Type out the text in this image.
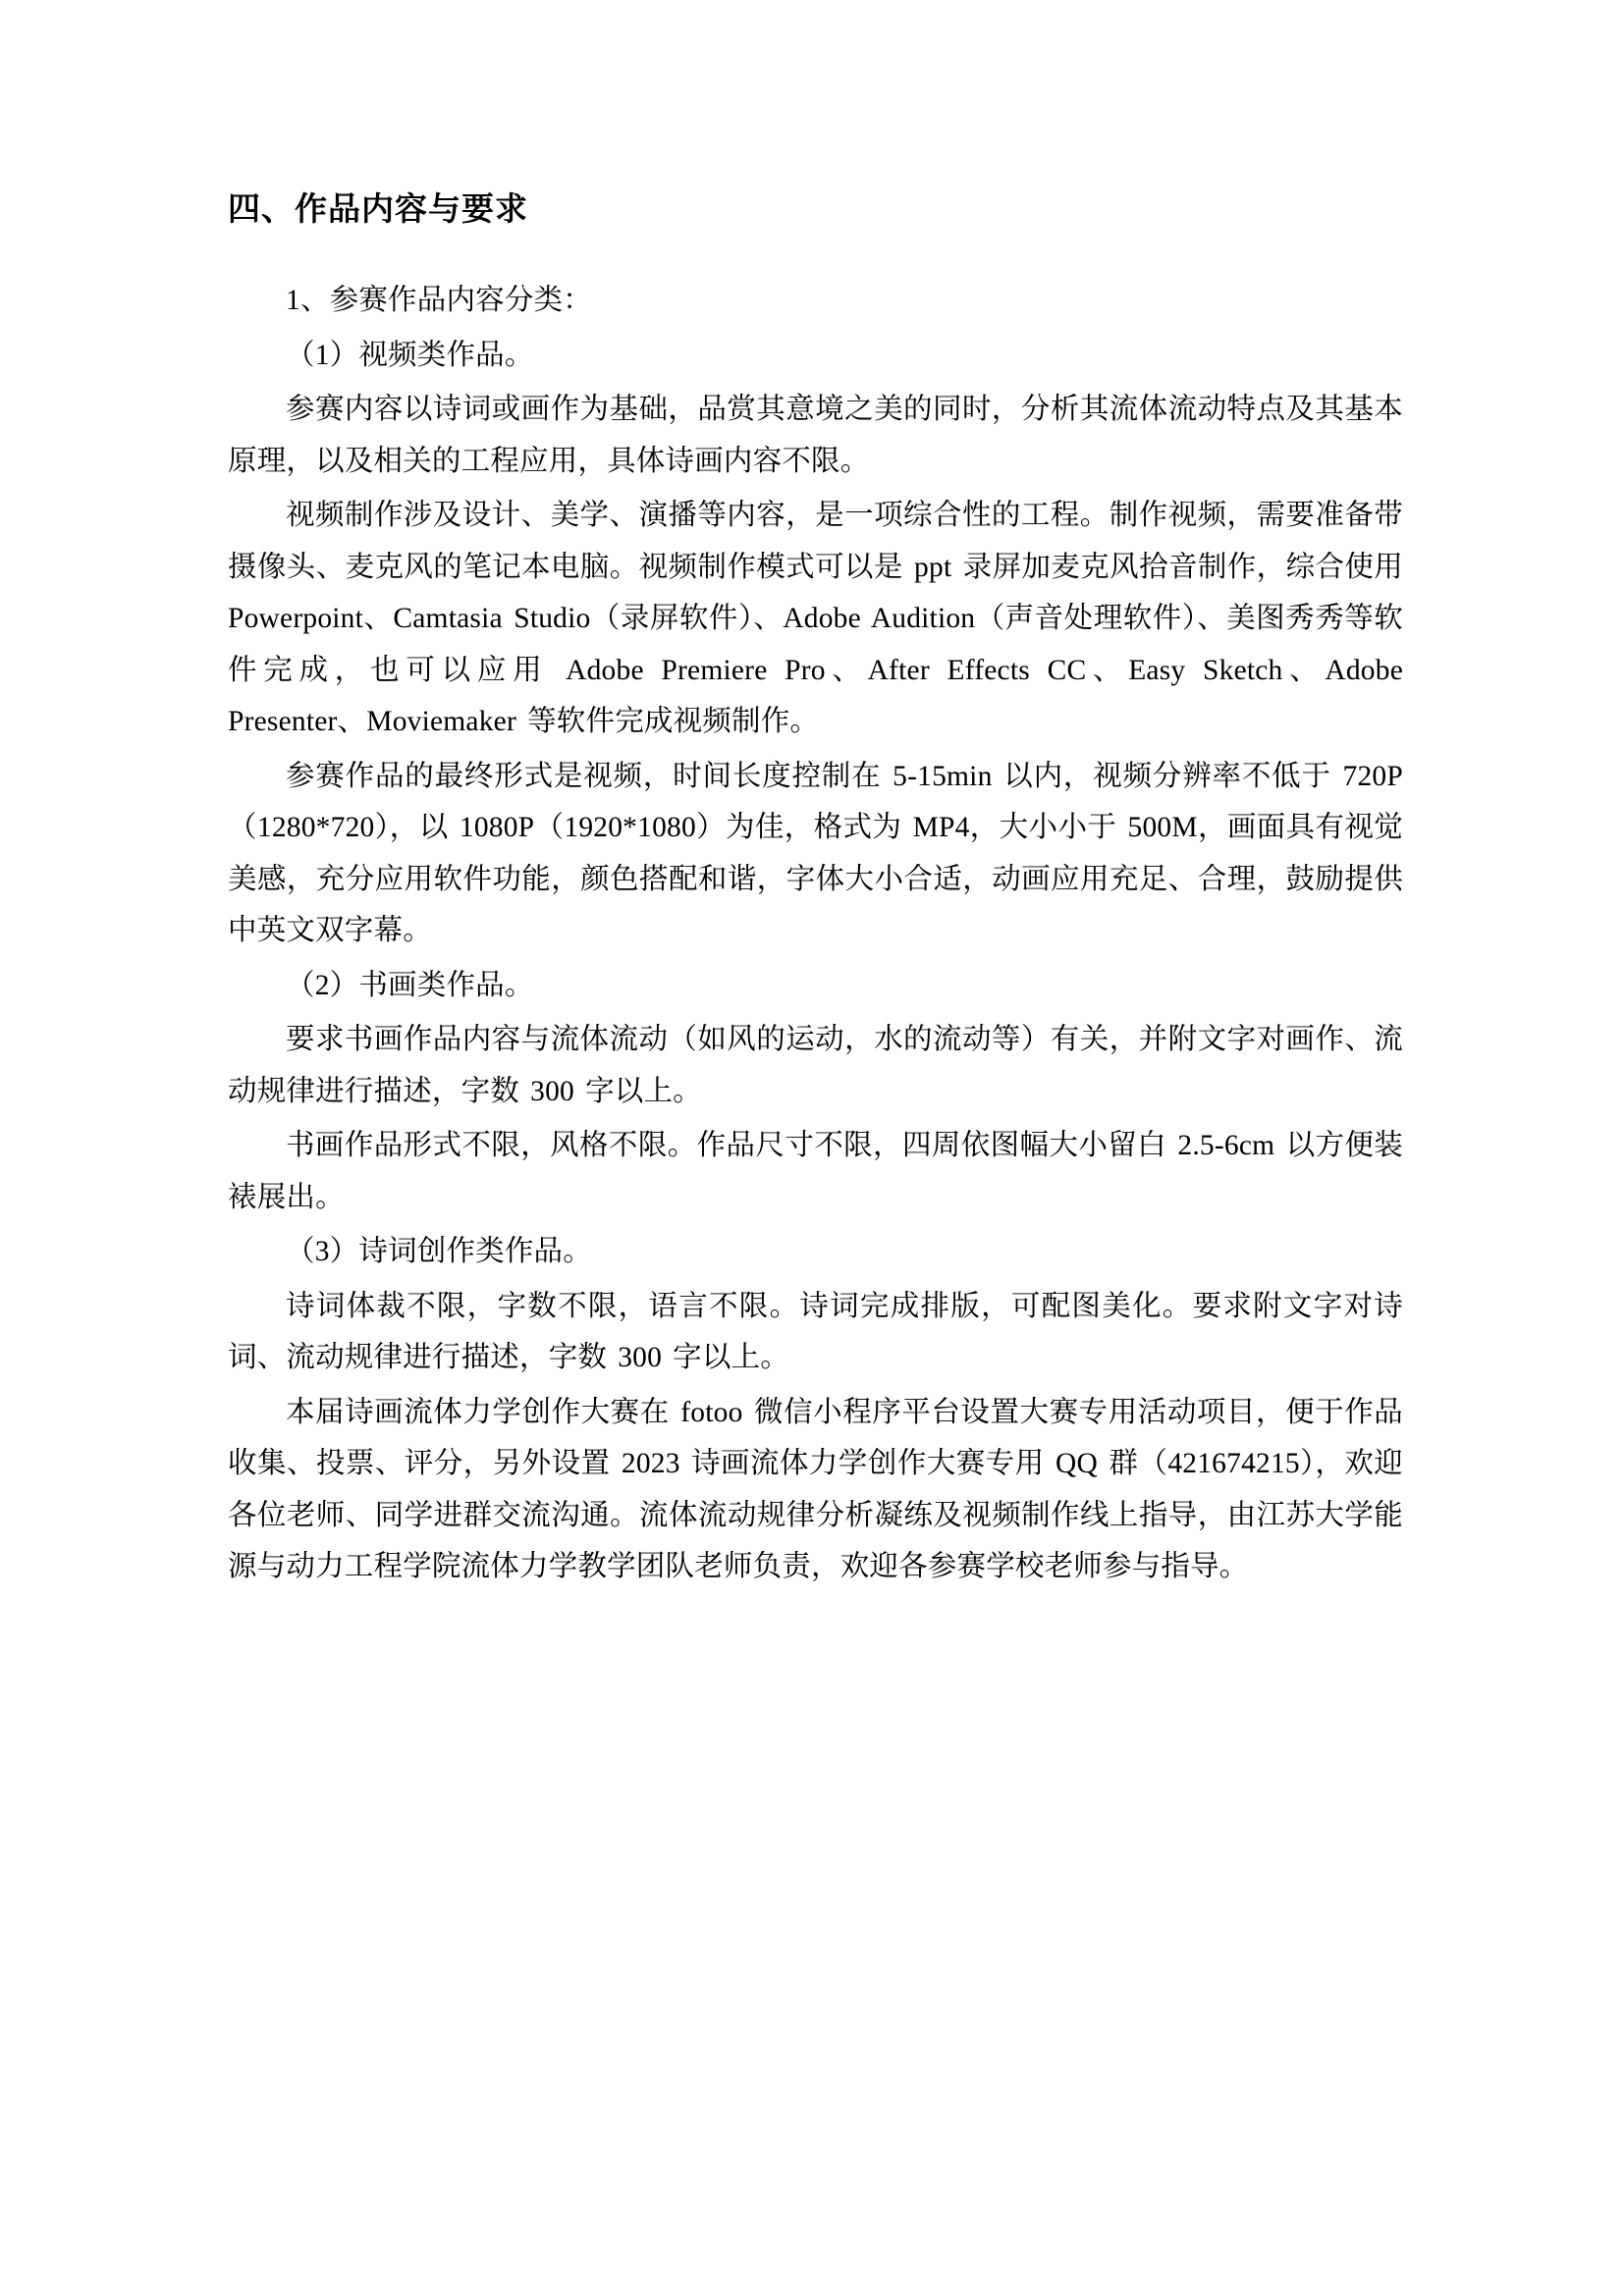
四、作品内容与要求

1、参赛作品内容分类：

（1）视频类作品。

参赛内容以诗词或画作为基础，品赏其意境之美的同时，分析其流体流动特点及其基本原理，以及相关的工程应用，具体诗画内容不限。

视频制作涉及设计、美学、演播等内容，是一项综合性的工程。制作视频，需要准备带摄像头、麦克风的笔记本电脑。视频制作模式可以是 ppt 录屏加麦克风拾音制作，综合使用 Powerpoint、Camtasia Studio（录屏软件）、Adobe Audition（声音处理软件）、美图秀秀等软件完成，也可以应用 Adobe Premiere Pro、After Effects CC、Easy Sketch、Adobe Presenter、Moviemaker 等软件完成视频制作。

参赛作品的最终形式是视频，时间长度控制在 5-15min 以内，视频分辨率不低于 720P（1280*720），以 1080P（1920*1080）为佳，格式为 MP4，大小小于 500M，画面具有视觉美感，充分应用软件功能，颜色搭配和谐，字体大小合适，动画应用充足、合理，鼓励提供中英文双字幕。

（2）书画类作品。

要求书画作品内容与流体流动（如风的运动，水的流动等）有关，并附文字对画作、流动规律进行描述，字数 300 字以上。

书画作品形式不限，风格不限。作品尺寸不限，四周依图幅大小留白 2.5-6cm 以方便装裱展出。

（3）诗词创作类作品。

诗词体裁不限，字数不限，语言不限。诗词完成排版，可配图美化。要求附文字对诗词、流动规律进行描述，字数 300 字以上。

本届诗画流体力学创作大赛在 fotoo 微信小程序平台设置大赛专用活动项目，便于作品收集、投票、评分，另外设置 2023 诗画流体力学创作大赛专用 QQ 群（421674215），欢迎各位老师、同学进群交流沟通。流体流动规律分析凝练及视频制作线上指导，由江苏大学能源与动力工程学院流体力学教学团队老师负责，欢迎各参赛学校老师参与指导。
